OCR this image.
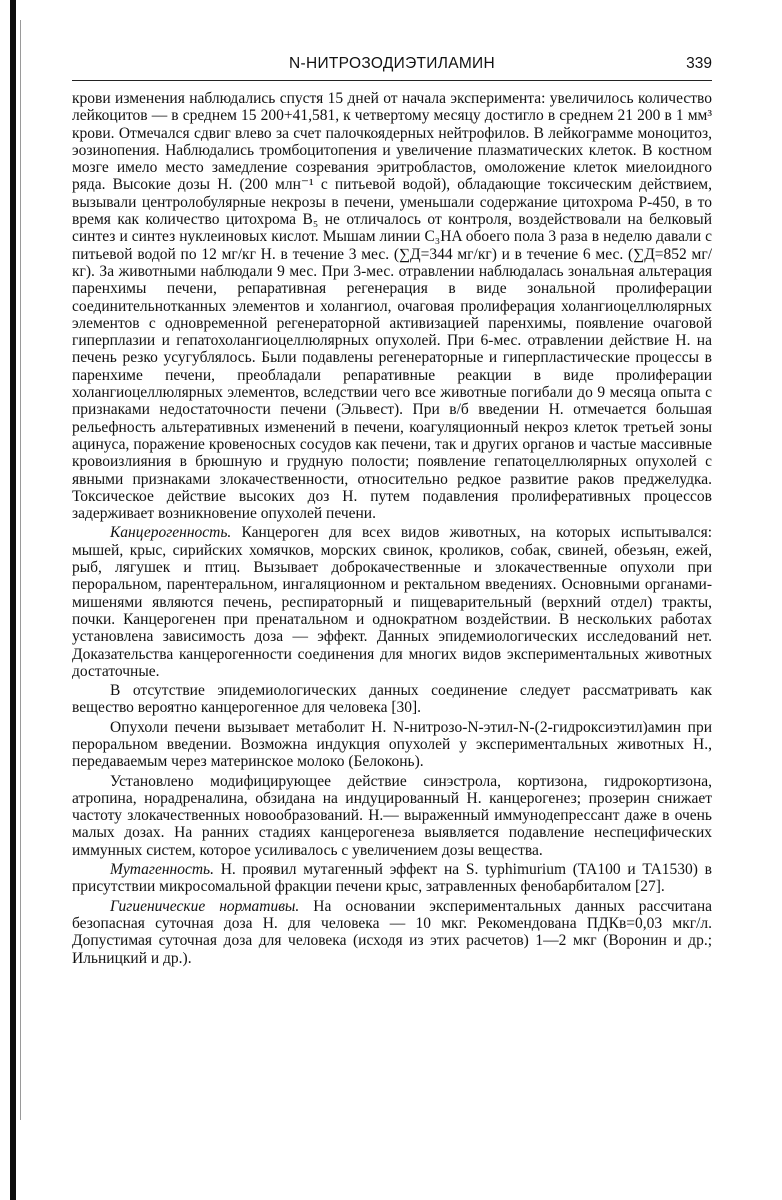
N-НИТРОЗОДИЭТИЛАМИН	339

крови изменения наблюдались спустя 15 дней от начала эксперимента: увеличилось количество лейкоцитов — в среднем 15 200+41,581, к четвертому месяцу достигло в среднем 21 200 в 1 мм³ крови. Отмечался сдвиг влево за счет палочкоядерных нейтрофилов. В лейкограмме моноцитоз, эозинопения. Наблюдались тромбоцитопения и увеличение плазматических клеток. В костном мозге имело место замедление созревания эритробластов, омоложение клеток миелоидного ряда. Высокие дозы Н. (200 млн⁻¹ с питьевой водой), обладающие токсическим действием, вызывали центролобулярные некрозы в печени, уменьшали содержание цитохрома Р-450, в то время как количество цитохрома B₅ не отличалось от контроля, воздействовали на белковый синтез и синтез нуклеиновых кислот. Мышам линии C₃HA обоего пола 3 раза в неделю давали с питьевой водой по 12 мг/кг Н. в течение 3 мес. (∑Д=344 мг/кг) и в течение 6 мес. (∑Д=852 мг/кг). За животными наблюдали 9 мес. При 3-мес. отравлении наблюдалась зональная альтерация паренхимы печени, репаративная регенерация в виде зональной пролиферации соединительнотканных элементов и холангиол, очаговая пролиферация холангиоцеллюлярных элементов с одновременной регенераторной активизацией паренхимы, появление очаговой гиперплазии и гепатохолангиоцеллюлярных опухолей. При 6-мес. отравлении действие Н. на печень резко усугублялось. Были подавлены регенераторные и гиперпластические процессы в паренхиме печени, преобладали репаративные реакции в виде пролиферации холангиоцеллюлярных элементов, вследствии чего все животные погибали до 9 месяца опыта с признаками недостаточности печени (Эльвест). При в/б введении Н. отмечается большая рельефность альтеративных изменений в печени, коагуляционный некроз клеток третьей зоны ацинуса, поражение кровеносных сосудов как печени, так и других органов и частые массивные кровоизлияния в брюшную и грудную полости; появление гепатоцеллюлярных опухолей с явными признаками злокачественности, относительно редкое развитие раков преджелудка. Токсическое действие высоких доз Н. путем подавления пролиферативных процессов задерживает возникновение опухолей печени.

Канцерогенность. Канцероген для всех видов животных, на которых испытывался: мышей, крыс, сирийских хомячков, морских свинок, кроликов, собак, свиней, обезьян, ежей, рыб, лягушек и птиц. Вызывает доброкачественные и злокачественные опухоли при пероральном, парентеральном, ингаляционном и ректальном введениях. Основными органами-мишенями являются печень, респираторный и пищеварительный (верхний отдел) тракты, почки. Канцерогенен при пренатальном и однократном воздействии. В нескольких работах установлена зависимость доза — эффект. Данных эпидемиологических исследований нет. Доказательства канцерогенности соединения для многих видов экспериментальных животных достаточные.

В отсутствие эпидемиологических данных соединение следует рассматривать как вещество вероятно канцерогенное для человека [30].

Опухоли печени вызывает метаболит Н. N-нитрозо-N-этил-N-(2-гидроксиэтил)амин при пероральном введении. Возможна индукция опухолей у экспериментальных животных Н., передаваемым через материнское молоко (Белоконь).

Установлено модифицирующее действие синэстрола, кортизона, гидрокортизона, атропина, норадреналина, обзидана на индуцированный Н. канцерогенез; прозерин снижает частоту злокачественных новообразований. Н.— выраженный иммунодепрессант даже в очень малых дозах. На ранних стадиях канцерогенеза выявляется подавление неспецифических иммунных систем, которое усиливалось с увеличением дозы вещества.

Мутагенность. Н. проявил мутагенный эффект на S. typhimurium (TA100 и TA1530) в присутствии микросомальной фракции печени крыс, затравленных фенобарбиталом [27].

Гигиенические нормативы. На основании экспериментальных данных рассчитана безопасная суточная доза Н. для человека — 10 мкг. Рекомендована ПДКв=0,03 мкг/л. Допустимая суточная доза для человека (исходя из этих расчетов) 1—2 мкг (Воронин и др.; Ильницкий и др.).
